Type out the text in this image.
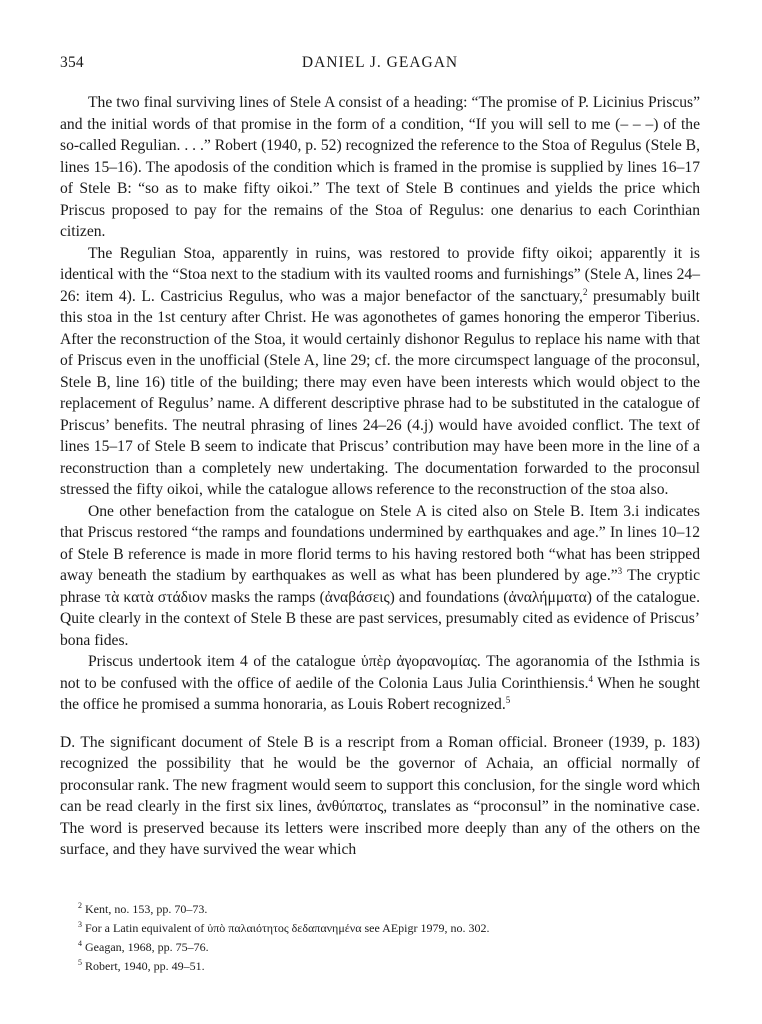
354	DANIEL J. GEAGAN

The two final surviving lines of Stele A consist of a heading: “The promise of P. Licinius Priscus” and the initial words of that promise in the form of a condition, “If you will sell to me (– – –) of the so-called Regulian. . . .” Robert (1940, p. 52) recognized the reference to the Stoa of Regulus (Stele B, lines 15–16). The apodosis of the condition which is framed in the promise is supplied by lines 16–17 of Stele B: “so as to make fifty oikoi.” The text of Stele B continues and yields the price which Priscus proposed to pay for the remains of the Stoa of Regulus: one denarius to each Corinthian citizen.

The Regulian Stoa, apparently in ruins, was restored to provide fifty oikoi; apparently it is identical with the “Stoa next to the stadium with its vaulted rooms and furnishings” (Stele A, lines 24–26: item 4). L. Castricius Regulus, who was a major benefactor of the sanctuary,$^2$ presumably built this stoa in the 1st century after Christ. He was agonothetes of games honoring the emperor Tiberius. After the reconstruction of the Stoa, it would certainly dishonor Regulus to replace his name with that of Priscus even in the unofficial (Stele A, line 29; cf. the more circumspect language of the proconsul, Stele B, line 16) title of the building; there may even have been interests which would object to the replacement of Regulus’ name. A different descriptive phrase had to be substituted in the catalogue of Priscus’ benefits. The neutral phrasing of lines 24–26 (4.j) would have avoided conflict. The text of lines 15–17 of Stele B seem to indicate that Priscus’ contribution may have been more in the line of a reconstruction than a completely new undertaking. The documentation forwarded to the proconsul stressed the fifty oikoi, while the catalogue allows reference to the reconstruction of the stoa also.

One other benefaction from the catalogue on Stele A is cited also on Stele B. Item 3.i indicates that Priscus restored “the ramps and foundations undermined by earthquakes and age.” In lines 10–12 of Stele B reference is made in more florid terms to his having restored both “what has been stripped away beneath the stadium by earthquakes as well as what has been plundered by age.”$^3$ The cryptic phrase τὰ κατὰ στάδιον masks the ramps (ἀναβάσεις) and foundations (ἀναλήμματα) of the catalogue. Quite clearly in the context of Stele B these are past services, presumably cited as evidence of Priscus’ bona fides.

Priscus undertook item 4 of the catalogue ὑπὲρ ἀγορανομίας. The agoranomia of the Isthmia is not to be confused with the office of aedile of the Colonia Laus Julia Corinthiensis.$^4$ When he sought the office he promised a summa honoraria, as Louis Robert recognized.$^5$

D. The significant document of Stele B is a rescript from a Roman official. Broneer (1939, p. 183) recognized the possibility that he would be the governor of Achaia, an official normally of proconsular rank. The new fragment would seem to support this conclusion, for the single word which can be read clearly in the first six lines, ἀνθύπατος, translates as “proconsul” in the nominative case. The word is preserved because its letters were inscribed more deeply than any of the others on the surface, and they have survived the wear which

$^2$ Kent, no. 153, pp. 70–73.
$^3$ For a Latin equivalent of ὑπὸ παλαιότητος δεδαπανημένα see AEpigr 1979, no. 302.
$^4$ Geagan, 1968, pp. 75–76.
$^5$ Robert, 1940, pp. 49–51.
